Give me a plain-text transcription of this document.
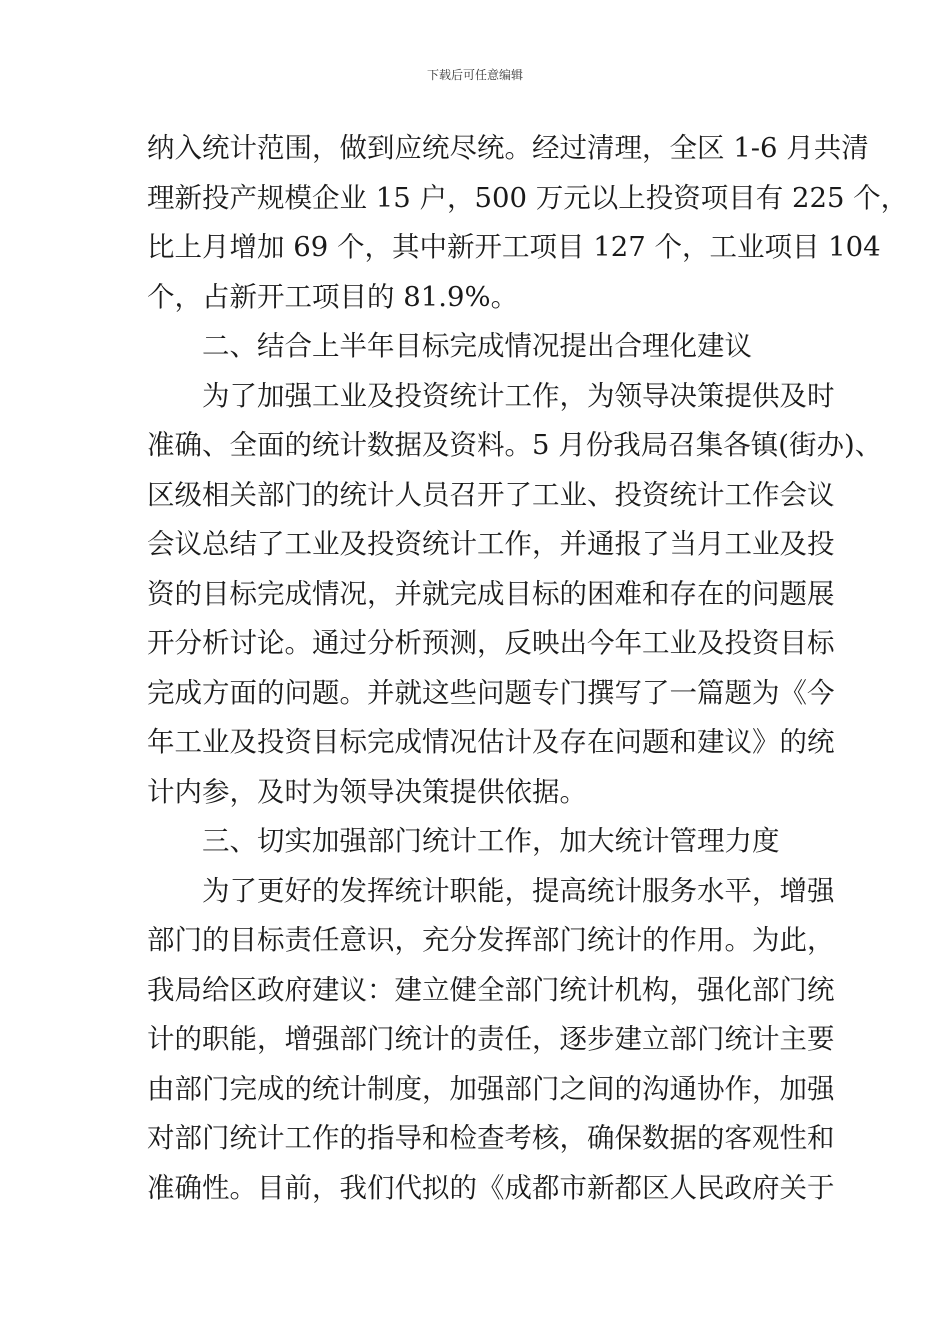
下载后可任意编辑
纳入统计范围，做到应统尽统。经过清理，全区 1-6 月共清
理新投产规模企业 15 户，500 万元以上投资项目有 225 个，
比上月增加 69 个，其中新开工项目 127 个，工业项目 104
个，占新开工项目的 81.9%。
二、结合上半年目标完成情况提出合理化建议
为了加强工业及投资统计工作，为领导决策提供及时
准确、全面的统计数据及资料。5 月份我局召集各镇(街办)、
区级相关部门的统计人员召开了工业、投资统计工作会议
会议总结了工业及投资统计工作，并通报了当月工业及投
资的目标完成情况，并就完成目标的困难和存在的问题展
开分析讨论。通过分析预测，反映出今年工业及投资目标
完成方面的问题。并就这些问题专门撰写了一篇题为《今
年工业及投资目标完成情况估计及存在问题和建议》的统
计内参，及时为领导决策提供依据。
三、切实加强部门统计工作，加大统计管理力度
为了更好的发挥统计职能，提高统计服务水平，增强
部门的目标责任意识，充分发挥部门统计的作用。为此，
我局给区政府建议：建立健全部门统计机构，强化部门统
计的职能，增强部门统计的责任，逐步建立部门统计主要
由部门完成的统计制度，加强部门之间的沟通协作，加强
对部门统计工作的指导和检查考核，确保数据的客观性和
准确性。目前，我们代拟的《成都市新都区人民政府关于
